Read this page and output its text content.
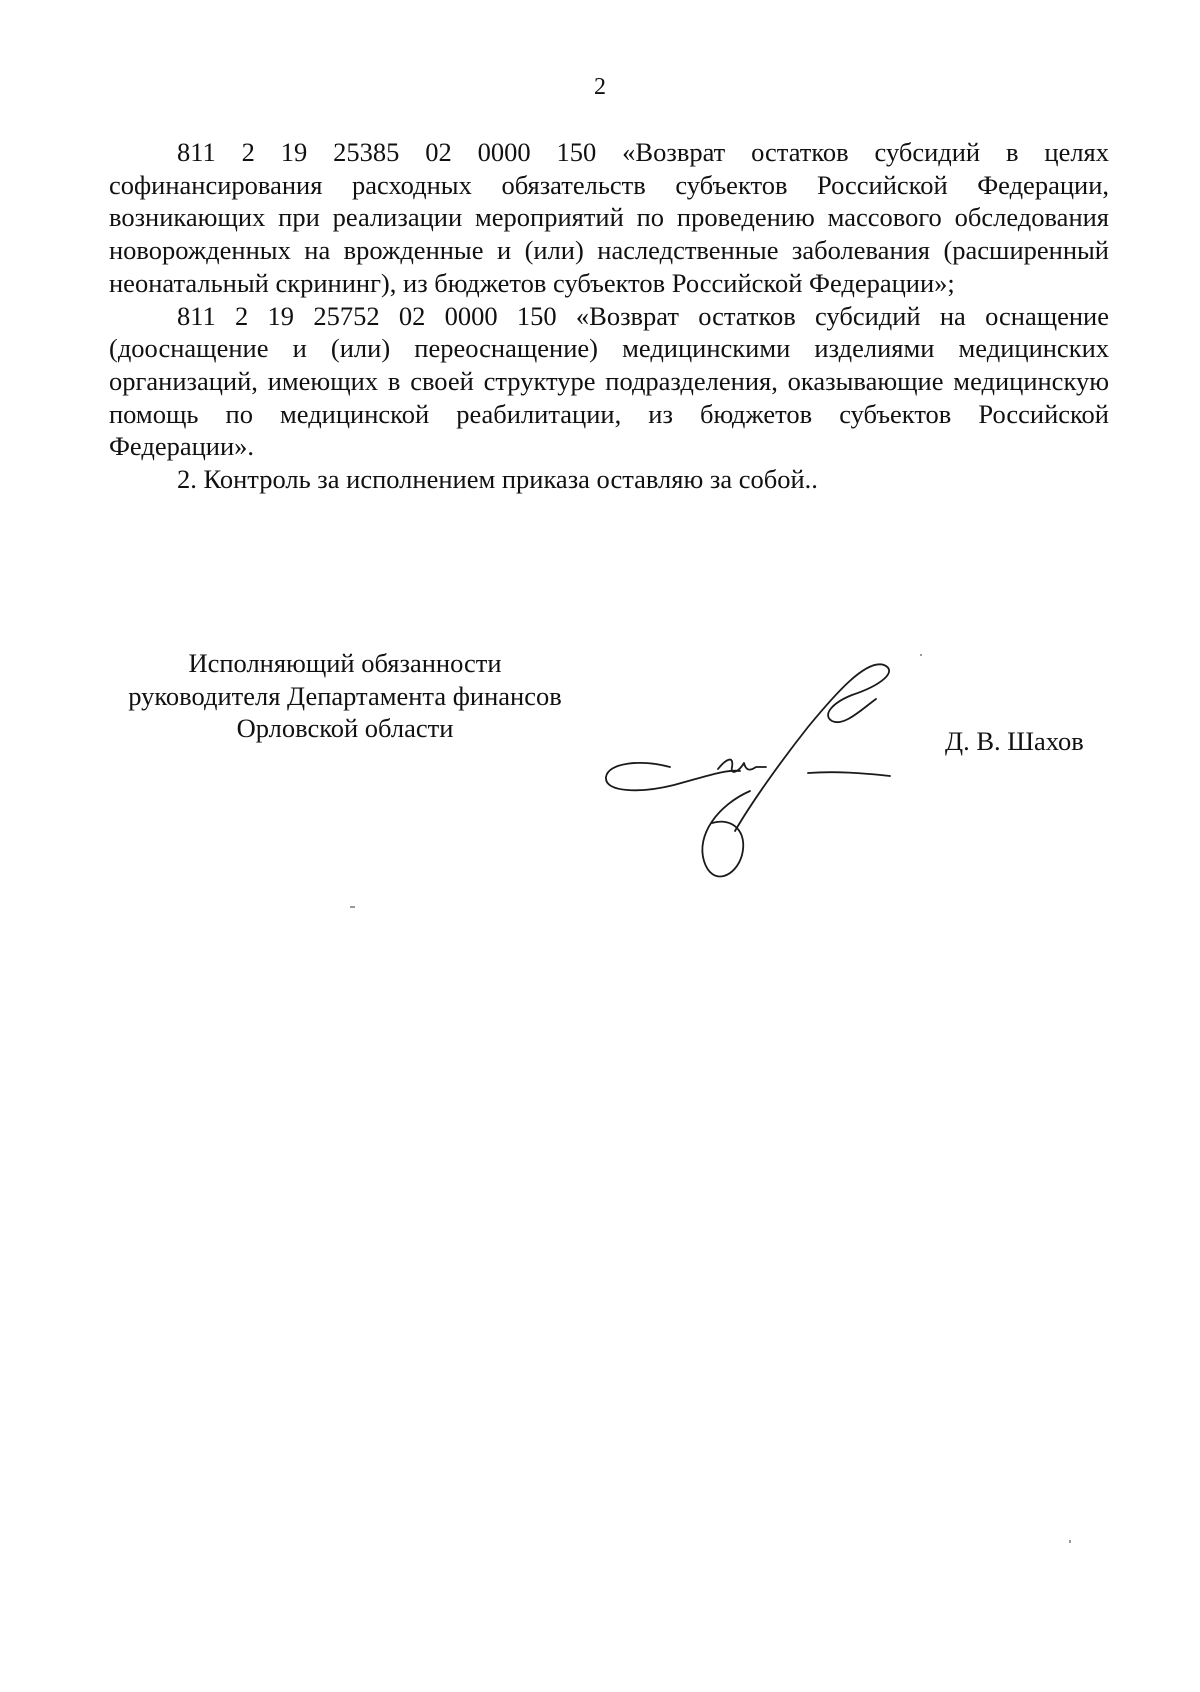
2

811 2 19 25385 02 0000 150 «Возврат остатков субсидий в целях софинансирования расходных обязательств субъектов Российской Федерации, возникающих при реализации мероприятий по проведению массового обследования новорожденных на врожденные и (или) наследственные заболевания (расширенный неонатальный скрининг), из бюджетов субъектов Российской Федерации»;

811 2 19 25752 02 0000 150 «Возврат остатков субсидий на оснащение (дооснащение и (или) переоснащение) медицинскими изделиями медицинских организаций, имеющих в своей структуре подразделения, оказывающие медицинскую помощь по медицинской реабилитации, из бюджетов субъектов Российской Федерации».

2. Контроль за исполнением приказа оставляю за собой..

Исполняющий обязанности
руководителя Департамента финансов
Орловской области	Д. В. Шахов
